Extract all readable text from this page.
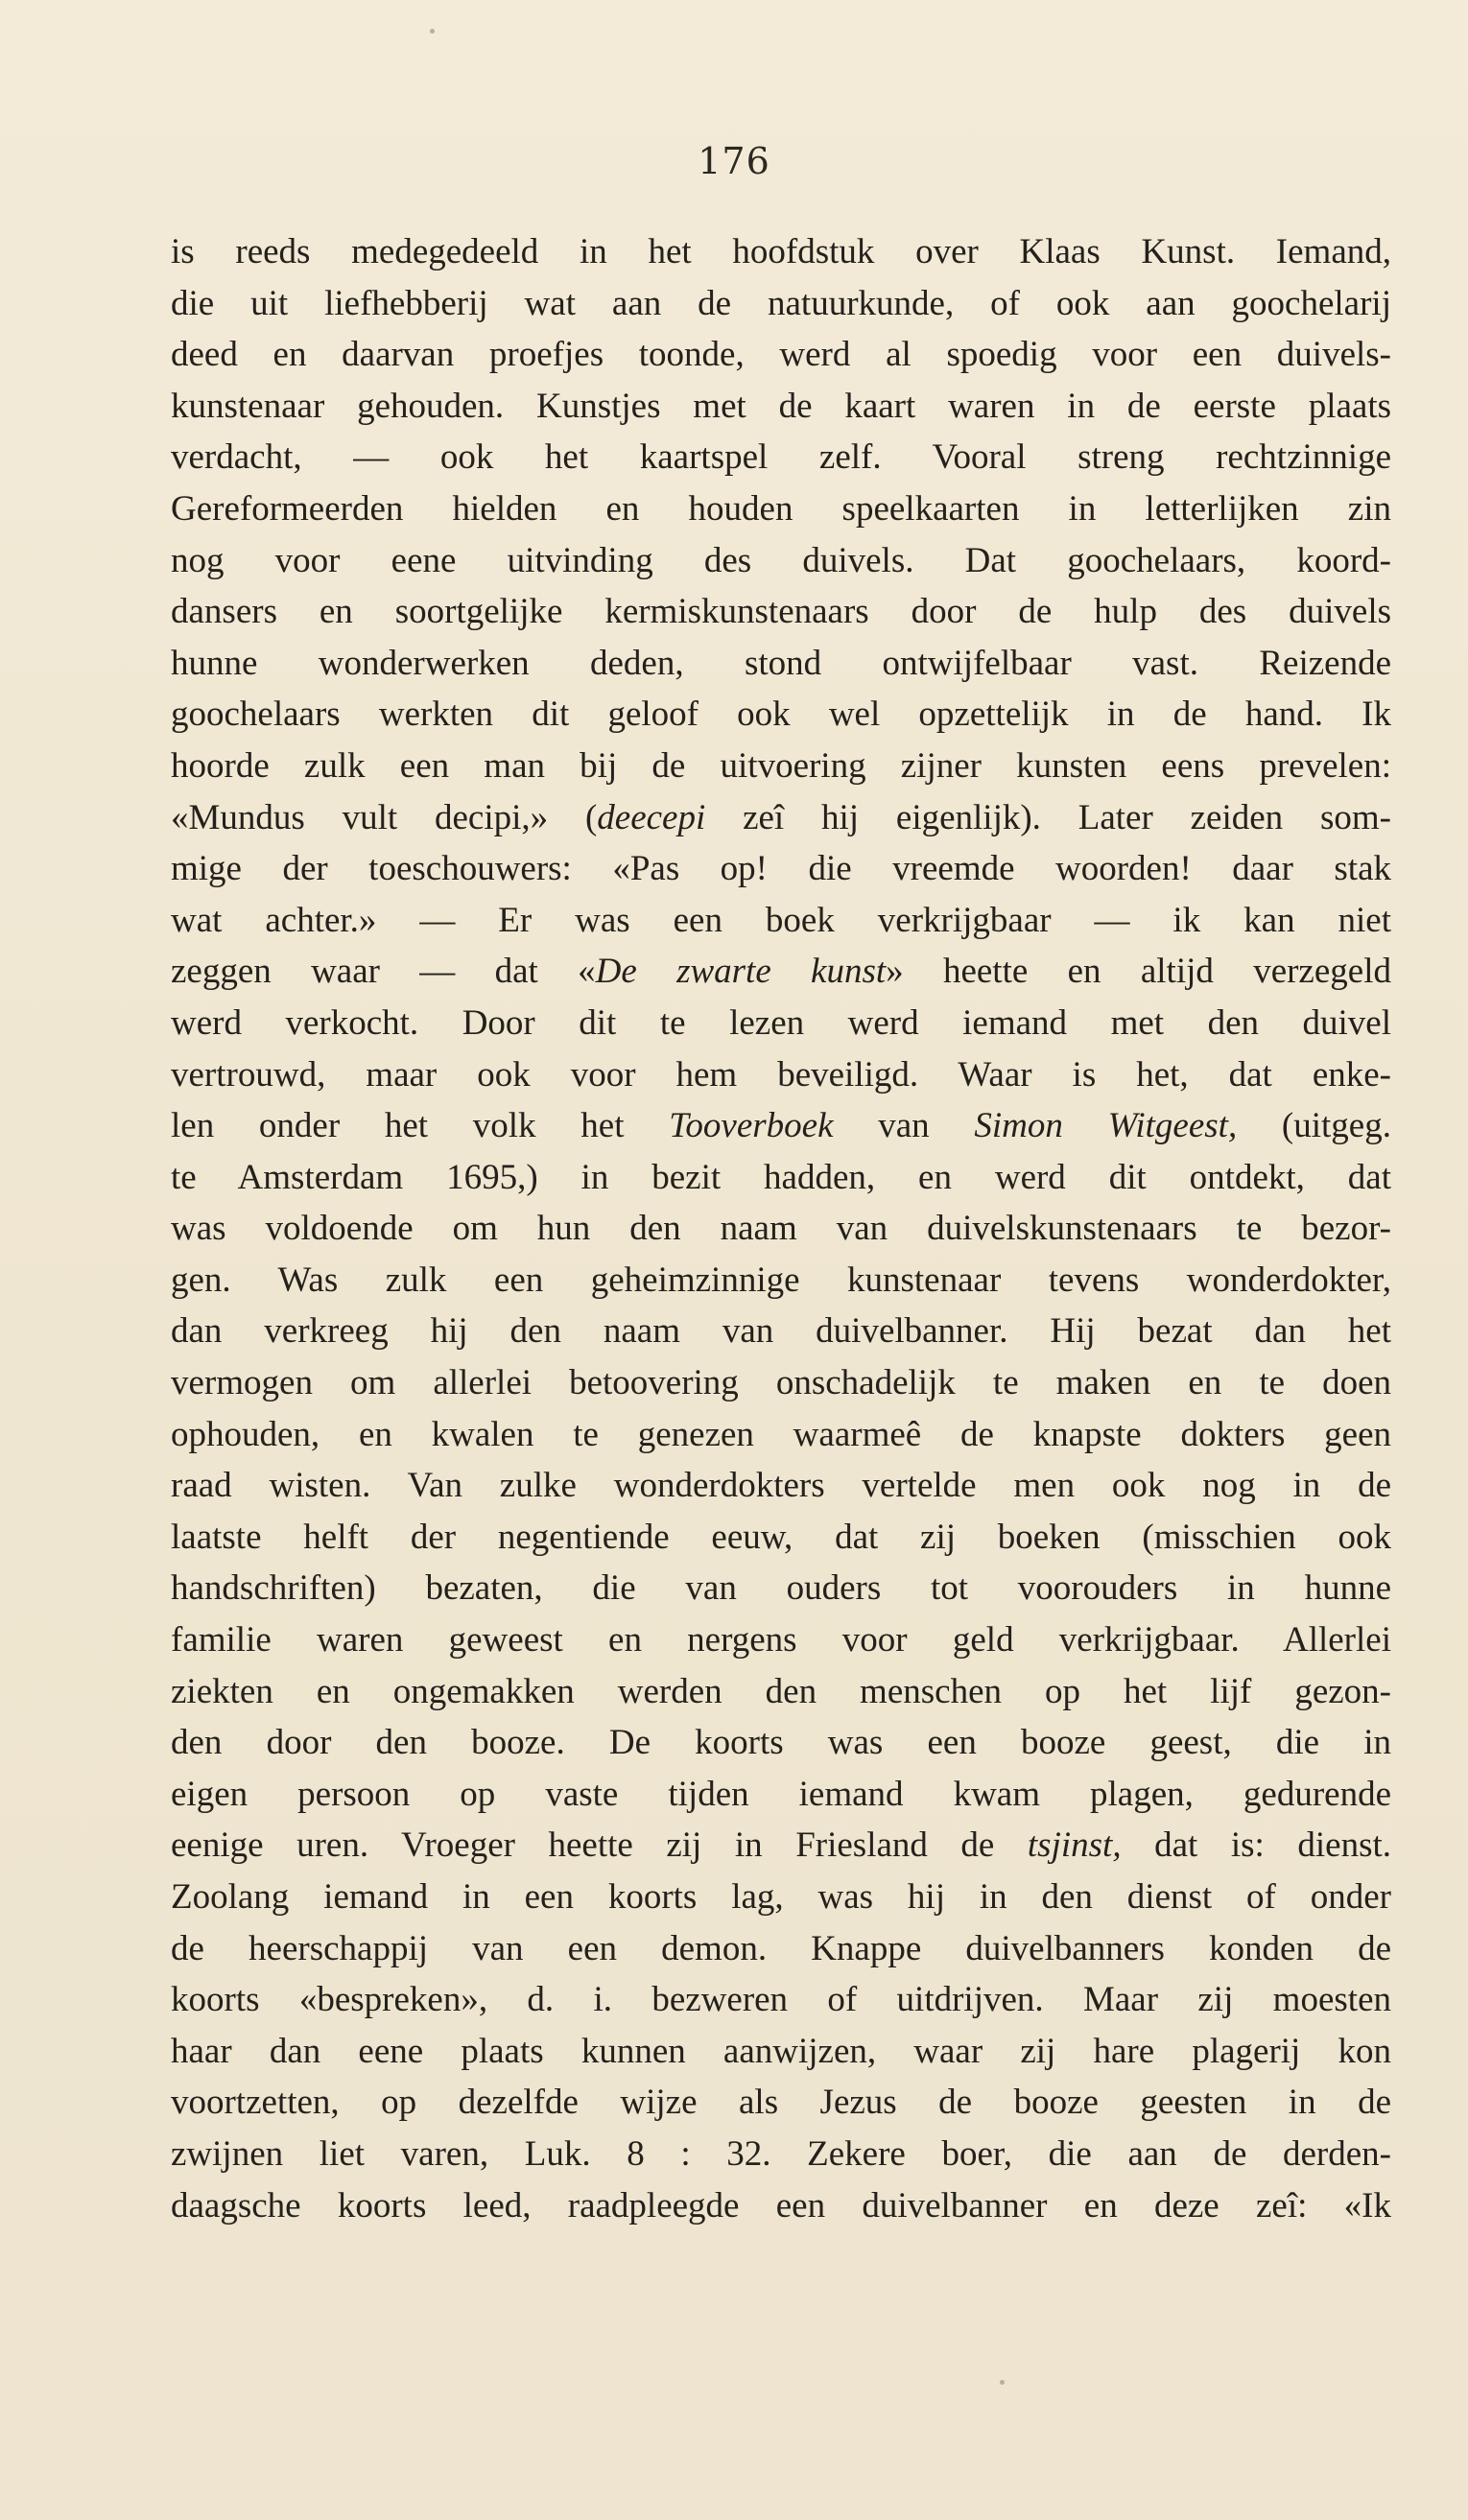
176
is reeds medegedeeld in het hoofdstuk over Klaas Kunst. Iemand,
die uit liefhebberij wat aan de natuurkunde, of ook aan goochelarij
deed en daarvan proefjes toonde, werd al spoedig voor een duivels-
kunstenaar gehouden. Kunstjes met de kaart waren in de eerste plaats
verdacht, — ook het kaartspel zelf. Vooral streng rechtzinnige
Gereformeerden hielden en houden speelkaarten in letterlijken zin
nog voor eene uitvinding des duivels. Dat goochelaars, koord-
dansers en soortgelijke kermiskunstenaars door de hulp des duivels
hunne wonderwerken deden, stond ontwijfelbaar vast. Reizende
goochelaars werkten dit geloof ook wel opzettelijk in de hand. Ik
hoorde zulk een man bij de uitvoering zijner kunsten eens prevelen:
«Mundus vult decipi,» (deecepi zeî hij eigenlijk). Later zeiden som-
mige der toeschouwers: «Pas op! die vreemde woorden! daar stak
wat achter.» — Er was een boek verkrijgbaar — ik kan niet
zeggen waar — dat «De zwarte kunst» heette en altijd verzegeld
werd verkocht. Door dit te lezen werd iemand met den duivel
vertrouwd, maar ook voor hem beveiligd. Waar is het, dat enke-
len onder het volk het Tooverboek van Simon Witgeest, (uitgeg.
te Amsterdam 1695,) in bezit hadden, en werd dit ontdekt, dat
was voldoende om hun den naam van duivelskunstenaars te bezor-
gen. Was zulk een geheimzinnige kunstenaar tevens wonderdokter,
dan verkreeg hij den naam van duivelbanner. Hij bezat dan het
vermogen om allerlei betoovering onschadelijk te maken en te doen
ophouden, en kwalen te genezen waarmeê de knapste dokters geen
raad wisten. Van zulke wonderdokters vertelde men ook nog in de
laatste helft der negentiende eeuw, dat zij boeken (misschien ook
handschriften) bezaten, die van ouders tot voorouders in hunne
familie waren geweest en nergens voor geld verkrijgbaar. Allerlei
ziekten en ongemakken werden den menschen op het lijf gezon-
den door den booze. De koorts was een booze geest, die in
eigen persoon op vaste tijden iemand kwam plagen, gedurende
eenige uren. Vroeger heette zij in Friesland de tsjinst, dat is: dienst.
Zoolang iemand in een koorts lag, was hij in den dienst of onder
de heerschappij van een demon. Knappe duivelbanners konden de
koorts «bespreken», d. i. bezweren of uitdrijven. Maar zij moesten
haar dan eene plaats kunnen aanwijzen, waar zij hare plagerij kon
voortzetten, op dezelfde wijze als Jezus de booze geesten in de
zwijnen liet varen, Luk. 8 : 32. Zekere boer, die aan de derden-
daagsche koorts leed, raadpleegde een duivelbanner en deze zeî: «Ik
